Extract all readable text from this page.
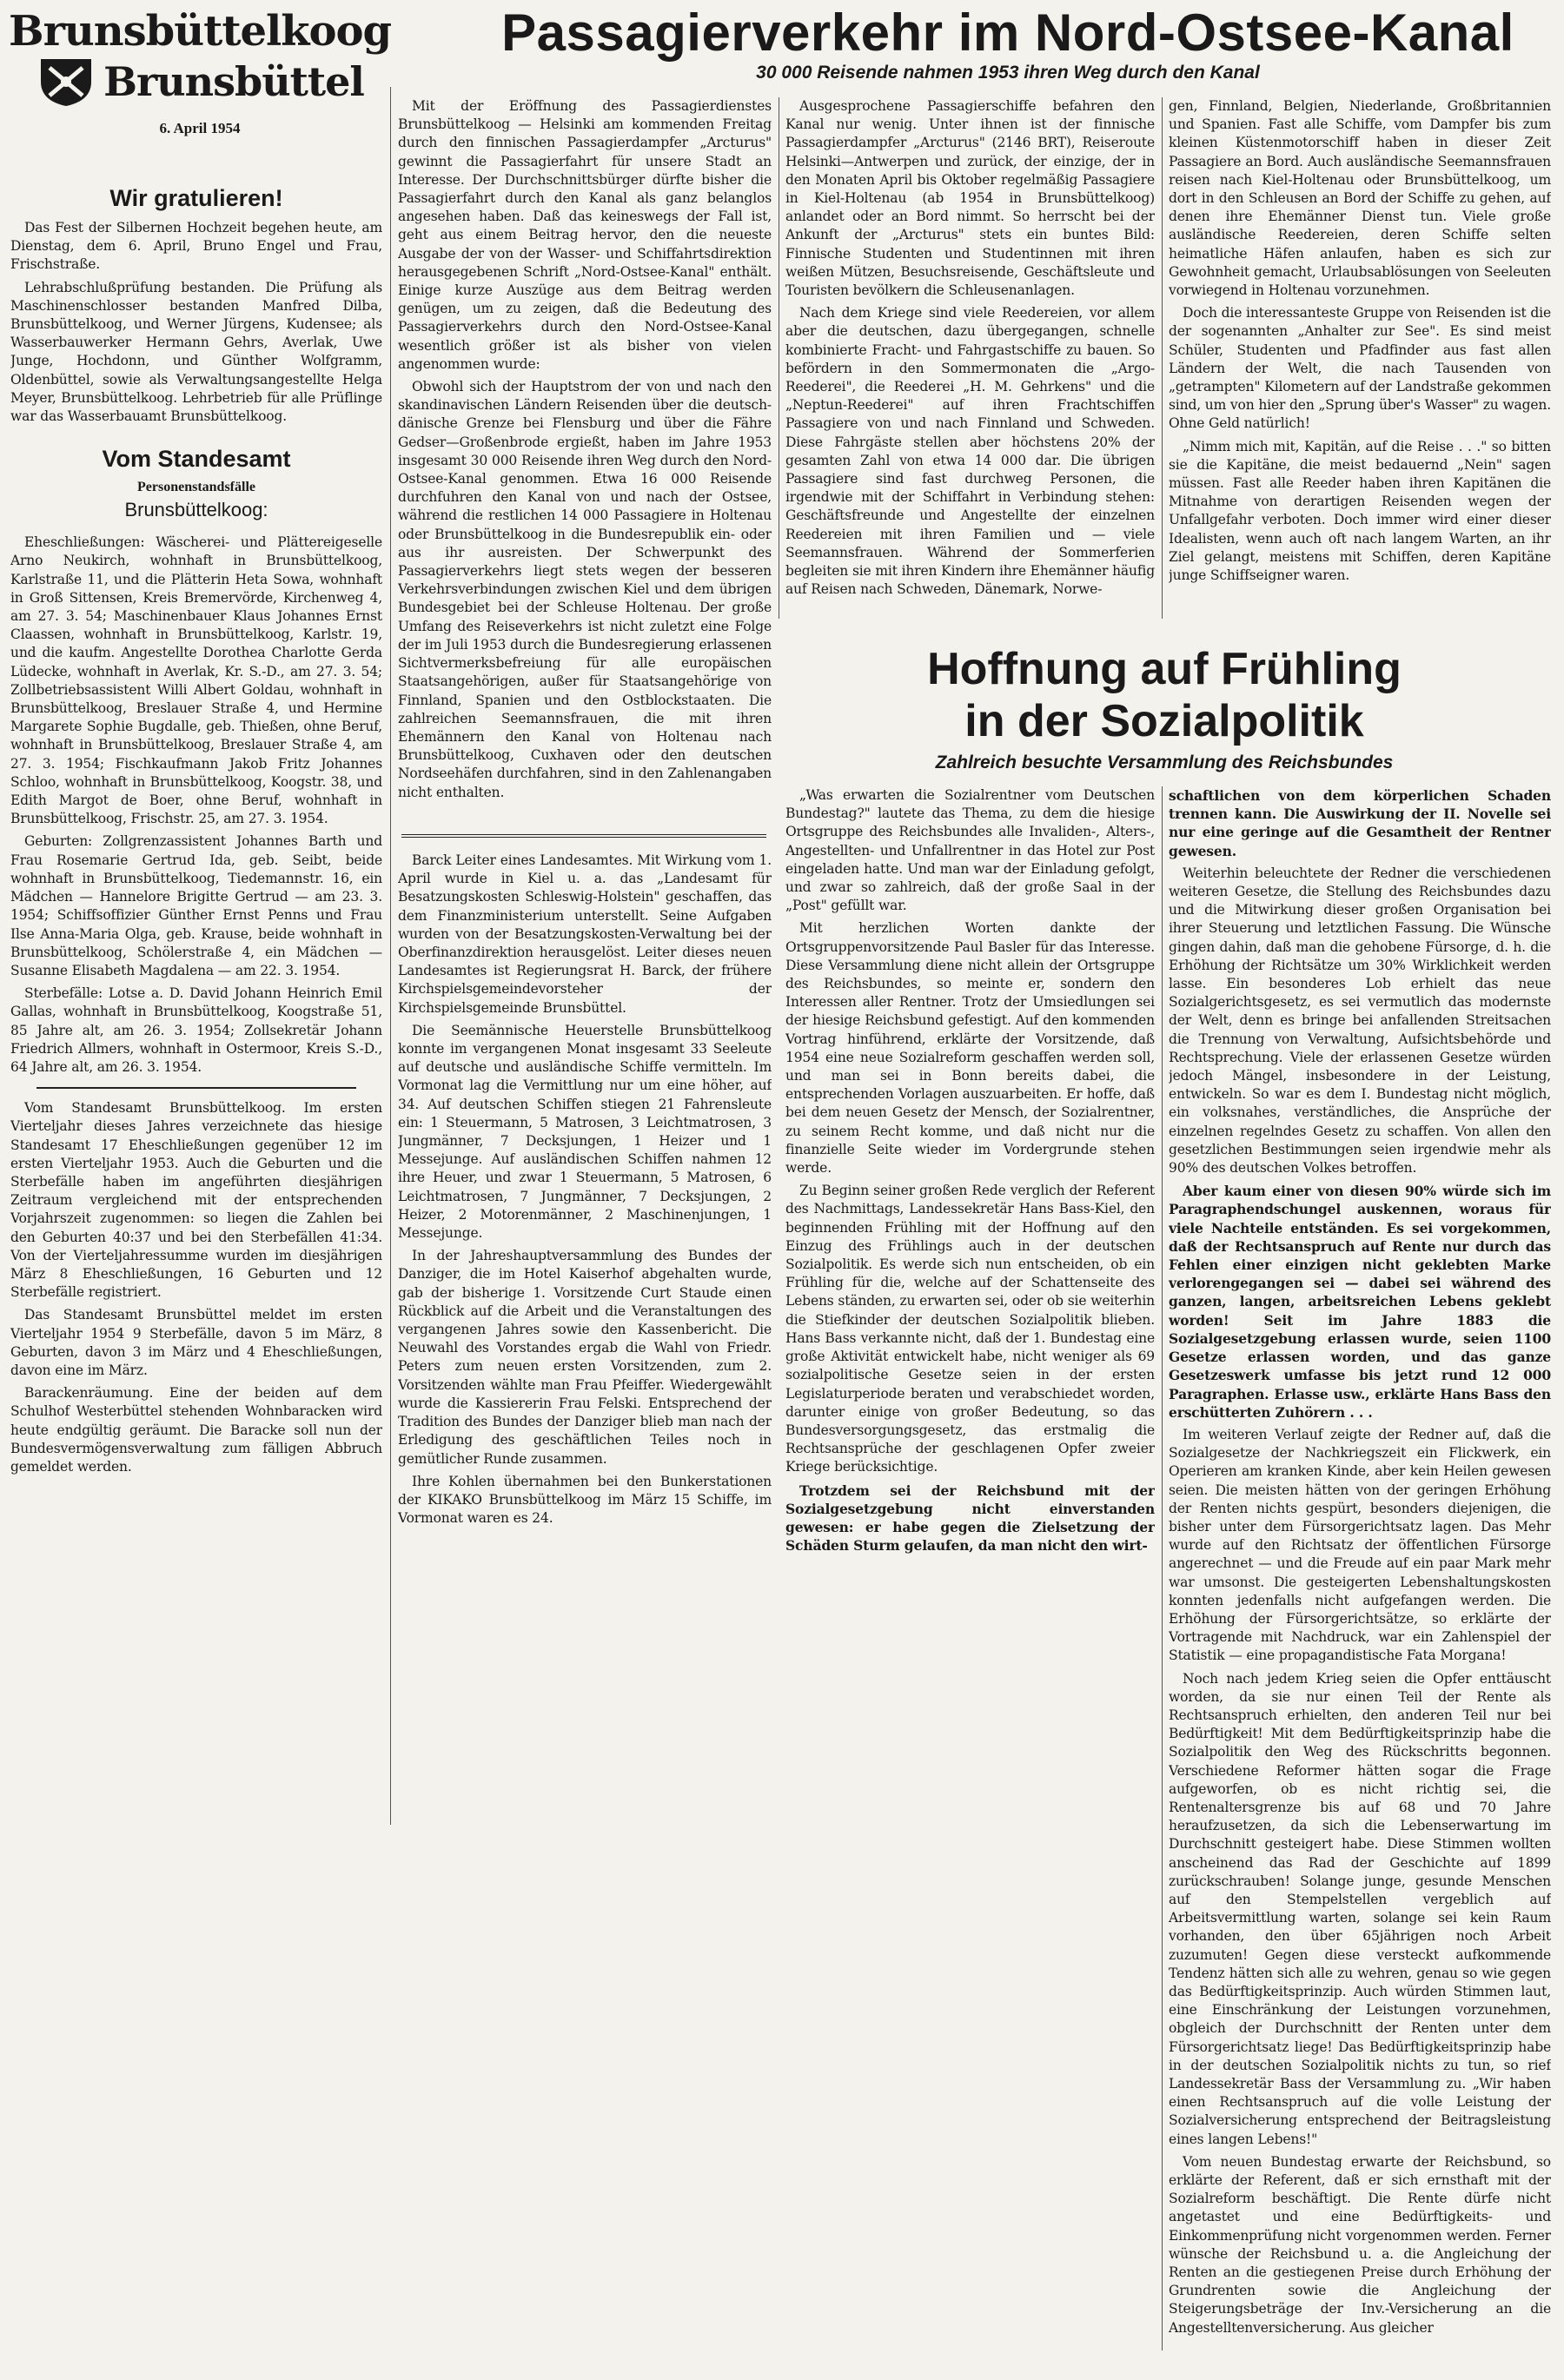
Brunsbüttelkoog
Brunsbüttel
6. April 1954
Wir gratulieren!

Das Fest der Silbernen Hochzeit begehen heute, am Dienstag, dem 6. April, Bruno Engel und Frau, Frischstraße.

Lehrabschlußprüfung bestanden. Die Prüfung als Maschinenschlosser bestanden Manfred Dilba, Brunsbüttelkoog, und Werner Jürgens, Kudensee; als Wasserbauwerker Hermann Gehrs, Averlak, Uwe Junge, Hochdonn, und Günther Wolfgramm, Oldenbüttel, sowie als Verwaltungsangestellte Helga Meyer, Brunsbüttelkoog. Lehrbetrieb für alle Prüflinge war das Wasserbauamt Brunsbüttelkoog.

Vom Standesamt
Personenstandsfälle
Brunsbüttelkoog:

Eheschließungen: Wäscherei- und Plättereigeselle Arno Neukirch, wohnhaft in Brunsbüttelkoog, Karlstraße 11, und die Plätterin Heta Sowa, wohnhaft in Groß Sittensen, Kreis Bremervörde, Kirchenweg 4, am 27. 3. 54; Maschinenbauer Klaus Johannes Ernst Claassen, wohnhaft in Brunsbüttelkoog, Karlstr. 19, und die kaufm. Angestellte Dorothea Charlotte Gerda Lüdecke, wohnhaft in Averlak, Kr. S.-D., am 27. 3. 54; Zollbetriebsassistent Willi Albert Goldau, wohnhaft in Brunsbüttelkoog, Breslauer Straße 4, und Hermine Margarete Sophie Bugdalle, geb. Thießen, ohne Beruf, wohnhaft in Brunsbüttelkoog, Breslauer Straße 4, am 27. 3. 1954; Fischkaufmann Jakob Fritz Johannes Schloo, wohnhaft in Brunsbüttelkoog, Koogstr. 38, und Edith Margot de Boer, ohne Beruf, wohnhaft in Brunsbüttelkoog, Frischstr. 25, am 27. 3. 1954.

Geburten: Zollgrenzassistent Johannes Barth und Frau Rosemarie Gertrud Ida, geb. Seibt, beide wohnhaft in Brunsbüttelkoog, Tiedemannstr. 16, ein Mädchen — Hannelore Brigitte Gertrud — am 23. 3. 1954; Schiffsoffizier Günther Ernst Penns und Frau Ilse Anna-Maria Olga, geb. Krause, beide wohnhaft in Brunsbüttelkoog, Schölerstraße 4, ein Mädchen — Susanne Elisabeth Magdalena — am 22. 3. 1954.

Sterbefälle: Lotse a. D. David Johann Heinrich Emil Gallas, wohnhaft in Brunsbüttelkoog, Koogstraße 51, 85 Jahre alt, am 26. 3. 1954; Zollsekretär Johann Friedrich Allmers, wohnhaft in Ostermoor, Kreis S.-D., 64 Jahre alt, am 26. 3. 1954.

Vom Standesamt Brunsbüttelkoog. Im ersten Vierteljahr dieses Jahres verzeichnete das hiesige Standesamt 17 Eheschließungen gegenüber 12 im ersten Vierteljahr 1953. Auch die Geburten und die Sterbefälle haben im angeführten diesjährigen Zeitraum vergleichend mit der entsprechenden Vorjahrszeit zugenommen: so liegen die Zahlen bei den Geburten 40:37 und bei den Sterbefällen 41:34. Von der Vierteljahressumme wurden im diesjährigen März 8 Eheschließungen, 16 Geburten und 12 Sterbefälle registriert.

Das Standesamt Brunsbüttel meldet im ersten Vierteljahr 1954 9 Sterbefälle, davon 5 im März, 8 Geburten, davon 3 im März und 4 Eheschließungen, davon eine im März.

Barackenräumung. Eine der beiden auf dem Schulhof Westerbüttel stehenden Wohnbaracken wird heute endgültig geräumt. Die Baracke soll nun der Bundesvermögensverwaltung zum fälligen Abbruch gemeldet werden.

Passagierverkehr im Nord-Ostsee-Kanal
30 000 Reisende nahmen 1953 ihren Weg durch den Kanal

Mit der Eröffnung des Passagierdienstes Brunsbüttelkoog — Helsinki am kommenden Freitag durch den finnischen Passagierdampfer „Arcturus" gewinnt die Passagierfahrt für unsere Stadt an Interesse. Der Durchschnittsbürger dürfte bisher die Passagierfahrt durch den Kanal als ganz belanglos angesehen haben. Daß das keineswegs der Fall ist, geht aus einem Beitrag hervor, den die neueste Ausgabe der von der Wasser- und Schiffahrtsdirektion herausgegebenen Schrift „Nord-Ostsee-Kanal" enthält. Einige kurze Auszüge aus dem Beitrag werden genügen, um zu zeigen, daß die Bedeutung des Passagierverkehrs durch den Nord-Ostsee-Kanal wesentlich größer ist als bisher von vielen angenommen wurde:

Obwohl sich der Hauptstrom der von und nach den skandinavischen Ländern Reisenden über die deutsch-dänische Grenze bei Flensburg und über die Fähre Gedser—Großenbrode ergießt, haben im Jahre 1953 insgesamt 30 000 Reisende ihren Weg durch den Nord-Ostsee-Kanal genommen. Etwa 16 000 Reisende durchfuhren den Kanal von und nach der Ostsee, während die restlichen 14 000 Passagiere in Holtenau oder Brunsbüttelkoog in die Bundesrepublik ein- oder aus ihr ausreisten. Der Schwerpunkt des Passagierverkehrs liegt stets wegen der besseren Verkehrsverbindungen zwischen Kiel und dem übrigen Bundesgebiet bei der Schleuse Holtenau. Der große Umfang des Reiseverkehrs ist nicht zuletzt eine Folge der im Juli 1953 durch die Bundesregierung erlassenen Sichtvermerksbefreiung für alle europäischen Staatsangehörigen, außer für Staatsangehörige von Finnland, Spanien und den Ostblockstaaten. Die zahlreichen Seemannsfrauen, die mit ihren Ehemännern den Kanal von Holtenau nach Brunsbüttelkoog, Cuxhaven oder den deutschen Nordseehäfen durchfahren, sind in den Zahlenangaben nicht enthalten.

Ausgesprochene Passagierschiffe befahren den Kanal nur wenig. Unter ihnen ist der finnische Passagierdampfer „Arcturus" (2146 BRT), Reiseroute Helsinki—Antwerpen und zurück, der einzige, der in den Monaten April bis Oktober regelmäßig Passagiere in Kiel-Holtenau (ab 1954 in Brunsbüttelkoog) anlandet oder an Bord nimmt. So herrscht bei der Ankunft der „Arcturus" stets ein buntes Bild: Finnische Studenten und Studentinnen mit ihren weißen Mützen, Besuchsreisende, Geschäftsleute und Touristen bevölkern die Schleusenanlagen.

Nach dem Kriege sind viele Reedereien, vor allem aber die deutschen, dazu übergegangen, schnelle kombinierte Fracht- und Fahrgastschiffe zu bauen. So befördern in den Sommermonaten die „Argo-Reederei", die Reederei „H. M. Gehrkens" und die „Neptun-Reederei" auf ihren Frachtschiffen Passagiere von und nach Finnland und Schweden. Diese Fahrgäste stellen aber höchstens 20% der gesamten Zahl von etwa 14 000 dar. Die übrigen Passagiere sind fast durchweg Personen, die irgendwie mit der Schiffahrt in Verbindung stehen: Geschäftsfreunde und Angestellte der einzelnen Reedereien mit ihren Familien und — viele Seemannsfrauen. Während der Sommerferien begleiten sie mit ihren Kindern ihre Ehemänner häufig auf Reisen nach Schweden, Dänemark, Norwe-

gen, Finnland, Belgien, Niederlande, Großbritannien und Spanien. Fast alle Schiffe, vom Dampfer bis zum kleinen Küstenmotorschiff haben in dieser Zeit Passagiere an Bord. Auch ausländische Seemannsfrauen reisen nach Kiel-Holtenau oder Brunsbüttelkoog, um dort in den Schleusen an Bord der Schiffe zu gehen, auf denen ihre Ehemänner Dienst tun. Viele große ausländische Reedereien, deren Schiffe selten heimatliche Häfen anlaufen, haben es sich zur Gewohnheit gemacht, Urlaubsablösungen von Seeleuten vorwiegend in Holtenau vorzunehmen.

Doch die interessanteste Gruppe von Reisenden ist die der sogenannten „Anhalter zur See". Es sind meist Schüler, Studenten und Pfadfinder aus fast allen Ländern der Welt, die nach Tausenden von „getrampten" Kilometern auf der Landstraße gekommen sind, um von hier den „Sprung über's Wasser" zu wagen. Ohne Geld natürlich!

„Nimm mich mit, Kapitän, auf die Reise . . ." so bitten sie die Kapitäne, die meist bedauernd „Nein" sagen müssen. Fast alle Reeder haben ihren Kapitänen die Mitnahme von derartigen Reisenden wegen der Unfallgefahr verboten. Doch immer wird einer dieser Idealisten, wenn auch oft nach langem Warten, an ihr Ziel gelangt, meistens mit Schiffen, deren Kapitäne junge Schiffseigner waren.

Barck Leiter eines Landesamtes. Mit Wirkung vom 1. April wurde in Kiel u. a. das „Landesamt für Besatzungskosten Schleswig-Holstein" geschaffen, das dem Finanzministerium unterstellt. Seine Aufgaben wurden von der Besatzungskosten-Verwaltung bei der Oberfinanzdirektion herausgelöst. Leiter dieses neuen Landesamtes ist Regierungsrat H. Barck, der frühere Kirchspielsgemeindevorsteher der Kirchspielsgemeinde Brunsbüttel.

Die Seemännische Heuerstelle Brunsbüttelkoog konnte im vergangenen Monat insgesamt 33 Seeleute auf deutsche und ausländische Schiffe vermitteln. Im Vormonat lag die Vermittlung nur um eine höher, auf 34. Auf deutschen Schiffen stiegen 21 Fahrensleute ein: 1 Steuermann, 5 Matrosen, 3 Leichtmatrosen, 3 Jungmänner, 7 Decksjungen, 1 Heizer und 1 Messejunge. Auf ausländischen Schiffen nahmen 12 ihre Heuer, und zwar 1 Steuermann, 5 Matrosen, 6 Leichtmatrosen, 7 Jungmänner, 7 Decksjungen, 2 Heizer, 2 Motorenmänner, 2 Maschinenjungen, 1 Messejunge.

In der Jahreshauptversammlung des Bundes der Danziger, die im Hotel Kaiserhof abgehalten wurde, gab der bisherige 1. Vorsitzende Curt Staude einen Rückblick auf die Arbeit und die Veranstaltungen des vergangenen Jahres sowie den Kassenbericht. Die Neuwahl des Vorstandes ergab die Wahl von Friedr. Peters zum neuen ersten Vorsitzenden, zum 2. Vorsitzenden wählte man Frau Pfeiffer. Wiedergewählt wurde die Kassiererin Frau Felski. Entsprechend der Tradition des Bundes der Danziger blieb man nach der Erledigung des geschäftlichen Teiles noch in gemütlicher Runde zusammen.

Ihre Kohlen übernahmen bei den Bunkerstationen der KIKAKO Brunsbüttelkoog im März 15 Schiffe, im Vormonat waren es 24.

Hoffnung auf Frühling
in der Sozialpolitik
Zahlreich besuchte Versammlung des Reichsbundes

„Was erwarten die Sozialrentner vom Deutschen Bundestag?" lautete das Thema, zu dem die hiesige Ortsgruppe des Reichsbundes alle Invaliden-, Alters-, Angestellten- und Unfallrentner in das Hotel zur Post eingeladen hatte. Und man war der Einladung gefolgt, und zwar so zahlreich, daß der große Saal in der „Post" gefüllt war.

Mit herzlichen Worten dankte der Ortsgruppenvorsitzende Paul Basler für das Interesse. Diese Versammlung diene nicht allein der Ortsgruppe des Reichsbundes, so meinte er, sondern den Interessen aller Rentner. Trotz der Umsiedlungen sei der hiesige Reichsbund gefestigt. Auf den kommenden Vortrag hinführend, erklärte der Vorsitzende, daß 1954 eine neue Sozialreform geschaffen werden soll, und man sei in Bonn bereits dabei, die entsprechenden Vorlagen auszuarbeiten. Er hoffe, daß bei dem neuen Gesetz der Mensch, der Sozialrentner, zu seinem Recht komme, und daß nicht nur die finanzielle Seite wieder im Vordergrunde stehen werde.

Zu Beginn seiner großen Rede verglich der Referent des Nachmittags, Landessekretär Hans Bass-Kiel, den beginnenden Frühling mit der Hoffnung auf den Einzug des Frühlings auch in der deutschen Sozialpolitik. Es werde sich nun entscheiden, ob ein Frühling für die, welche auf der Schattenseite des Lebens ständen, zu erwarten sei, oder ob sie weiterhin die Stiefkinder der deutschen Sozialpolitik blieben. Hans Bass verkannte nicht, daß der 1. Bundestag eine große Aktivität entwickelt habe, nicht weniger als 69 sozialpolitische Gesetze seien in der ersten Legislaturperiode beraten und verabschiedet worden, darunter einige von großer Bedeutung, so das Bundesversorgungsgesetz, das erstmalig die Rechtsansprüche der geschlagenen Opfer zweier Kriege berücksichtige.

Trotzdem sei der Reichsbund mit der Sozialgesetzgebung nicht einverstanden gewesen: er habe gegen die Zielsetzung der Schäden Sturm gelaufen, da man nicht den wirt-

schaftlichen von dem körperlichen Schaden trennen kann. Die Auswirkung der II. Novelle sei nur eine geringe auf die Gesamtheit der Rentner gewesen.

Weiterhin beleuchtete der Redner die verschiedenen weiteren Gesetze, die Stellung des Reichsbundes dazu und die Mitwirkung dieser großen Organisation bei ihrer Steuerung und letztlichen Fassung. Die Wünsche gingen dahin, daß man die gehobene Fürsorge, d. h. die Erhöhung der Richtsätze um 30% Wirklichkeit werden lasse. Ein besonderes Lob erhielt das neue Sozialgerichtsgesetz, es sei vermutlich das modernste der Welt, denn es bringe bei anfallenden Streitsachen die Trennung von Verwaltung, Aufsichtsbehörde und Rechtsprechung. Viele der erlassenen Gesetze würden jedoch Mängel, insbesondere in der Leistung, entwickeln. So war es dem I. Bundestag nicht möglich, ein volksnahes, verständliches, die Ansprüche der einzelnen regelndes Gesetz zu schaffen. Von allen den gesetzlichen Bestimmungen seien irgendwie mehr als 90% des deutschen Volkes betroffen.

Aber kaum einer von diesen 90% würde sich im Paragraphendschungel auskennen, woraus für viele Nachteile entständen. Es sei vorgekommen, daß der Rechtsanspruch auf Rente nur durch das Fehlen einer einzigen nicht geklebten Marke verlorengegangen sei — dabei sei während des ganzen, langen, arbeitsreichen Lebens geklebt worden! Seit im Jahre 1883 die Sozialgesetzgebung erlassen wurde, seien 1100 Gesetze erlassen worden, und das ganze Gesetzeswerk umfasse bis jetzt rund 12 000 Paragraphen. Erlasse usw., erklärte Hans Bass den erschütterten Zuhörern . . .

Im weiteren Verlauf zeigte der Redner auf, daß die Sozialgesetze der Nachkriegszeit ein Flickwerk, ein Operieren am kranken Kinde, aber kein Heilen gewesen seien. Die meisten hätten von der geringen Erhöhung der Renten nichts gespürt, besonders diejenigen, die bisher unter dem Fürsorgerichtsatz lagen. Das Mehr wurde auf den Richtsatz der öffentlichen Fürsorge angerechnet — und die Freude auf ein paar Mark mehr war umsonst. Die gesteigerten Lebenshaltungskosten konnten jedenfalls nicht aufgefangen werden. Die Erhöhung der Fürsorgerichtsätze, so erklärte der Vortragende mit Nachdruck, war ein Zahlenspiel der Statistik — eine propagandistische Fata Morgana!

Noch nach jedem Krieg seien die Opfer enttäuscht worden, da sie nur einen Teil der Rente als Rechtsanspruch erhielten, den anderen Teil nur bei Bedürftigkeit! Mit dem Bedürftigkeitsprinzip habe die Sozialpolitik den Weg des Rückschritts begonnen. Verschiedene Reformer hätten sogar die Frage aufgeworfen, ob es nicht richtig sei, die Rentenaltersgrenze bis auf 68 und 70 Jahre heraufzusetzen, da sich die Lebenserwartung im Durchschnitt gesteigert habe. Diese Stimmen wollten anscheinend das Rad der Geschichte auf 1899 zurückschrauben! Solange junge, gesunde Menschen auf den Stempelstellen vergeblich auf Arbeitsvermittlung warten, solange sei kein Raum vorhanden, den über 65jährigen noch Arbeit zuzumuten! Gegen diese versteckt aufkommende Tendenz hätten sich alle zu wehren, genau so wie gegen das Bedürftigkeitsprinzip. Auch würden Stimmen laut, eine Einschränkung der Leistungen vorzunehmen, obgleich der Durchschnitt der Renten unter dem Fürsorgerichtsatz liege! Das Bedürftigkeitsprinzip habe in der deutschen Sozialpolitik nichts zu tun, so rief Landessekretär Bass der Versammlung zu. „Wir haben einen Rechtsanspruch auf die volle Leistung der Sozialversicherung entsprechend der Beitragsleistung eines langen Lebens!"

Vom neuen Bundestag erwarte der Reichsbund, so erklärte der Referent, daß er sich ernsthaft mit der Sozialreform beschäftigt. Die Rente dürfe nicht angetastet und eine Bedürftigkeits- und Einkommenprüfung nicht vorgenommen werden. Ferner wünsche der Reichsbund u. a. die Angleichung der Renten an die gestiegenen Preise durch Erhöhung der Grundrenten sowie die Angleichung der Steigerungsbeträge der Inv.-Versicherung an die Angestelltenversicherung. Aus gleicher
